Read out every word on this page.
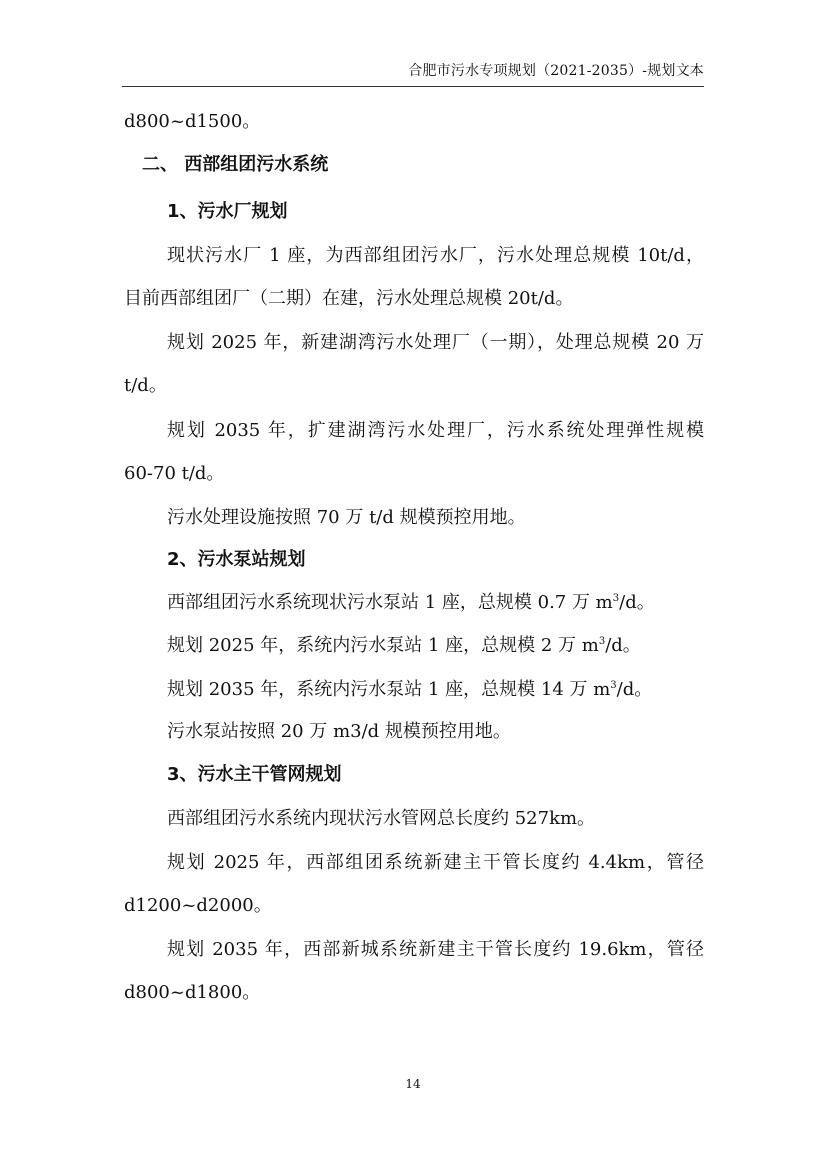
合肥市污水专项规划（2021-2035）-规划文本
d800~d1500。
二、 西部组团污水系统
1、污水厂规划
现状污水厂 1 座，为西部组团污水厂，污水处理总规模 10t/d，
目前西部组团厂（二期）在建，污水处理总规模 20t/d。
规划 2025 年，新建湖湾污水处理厂（一期），处理总规模 20 万
t/d。
规划 2035 年，扩建湖湾污水处理厂，污水系统处理弹性规模
60-70 t/d。
污水处理设施按照 70 万 t/d 规模预控用地。
2、污水泵站规划
西部组团污水系统现状污水泵站 1 座，总规模 0.7 万 $m^3/d$。
规划 2025 年，系统内污水泵站 1 座，总规模 2 万 $m^3/d$。
规划 2035 年，系统内污水泵站 1 座，总规模 14 万 $m^3/d$。
污水泵站按照 20 万 m3/d 规模预控用地。
3、污水主干管网规划
西部组团污水系统内现状污水管网总长度约 527km。
规划 2025 年，西部组团系统新建主干管长度约 4.4km，管径
d1200~d2000。
规划 2035 年，西部新城系统新建主干管长度约 19.6km，管径
d800~d1800。
14
